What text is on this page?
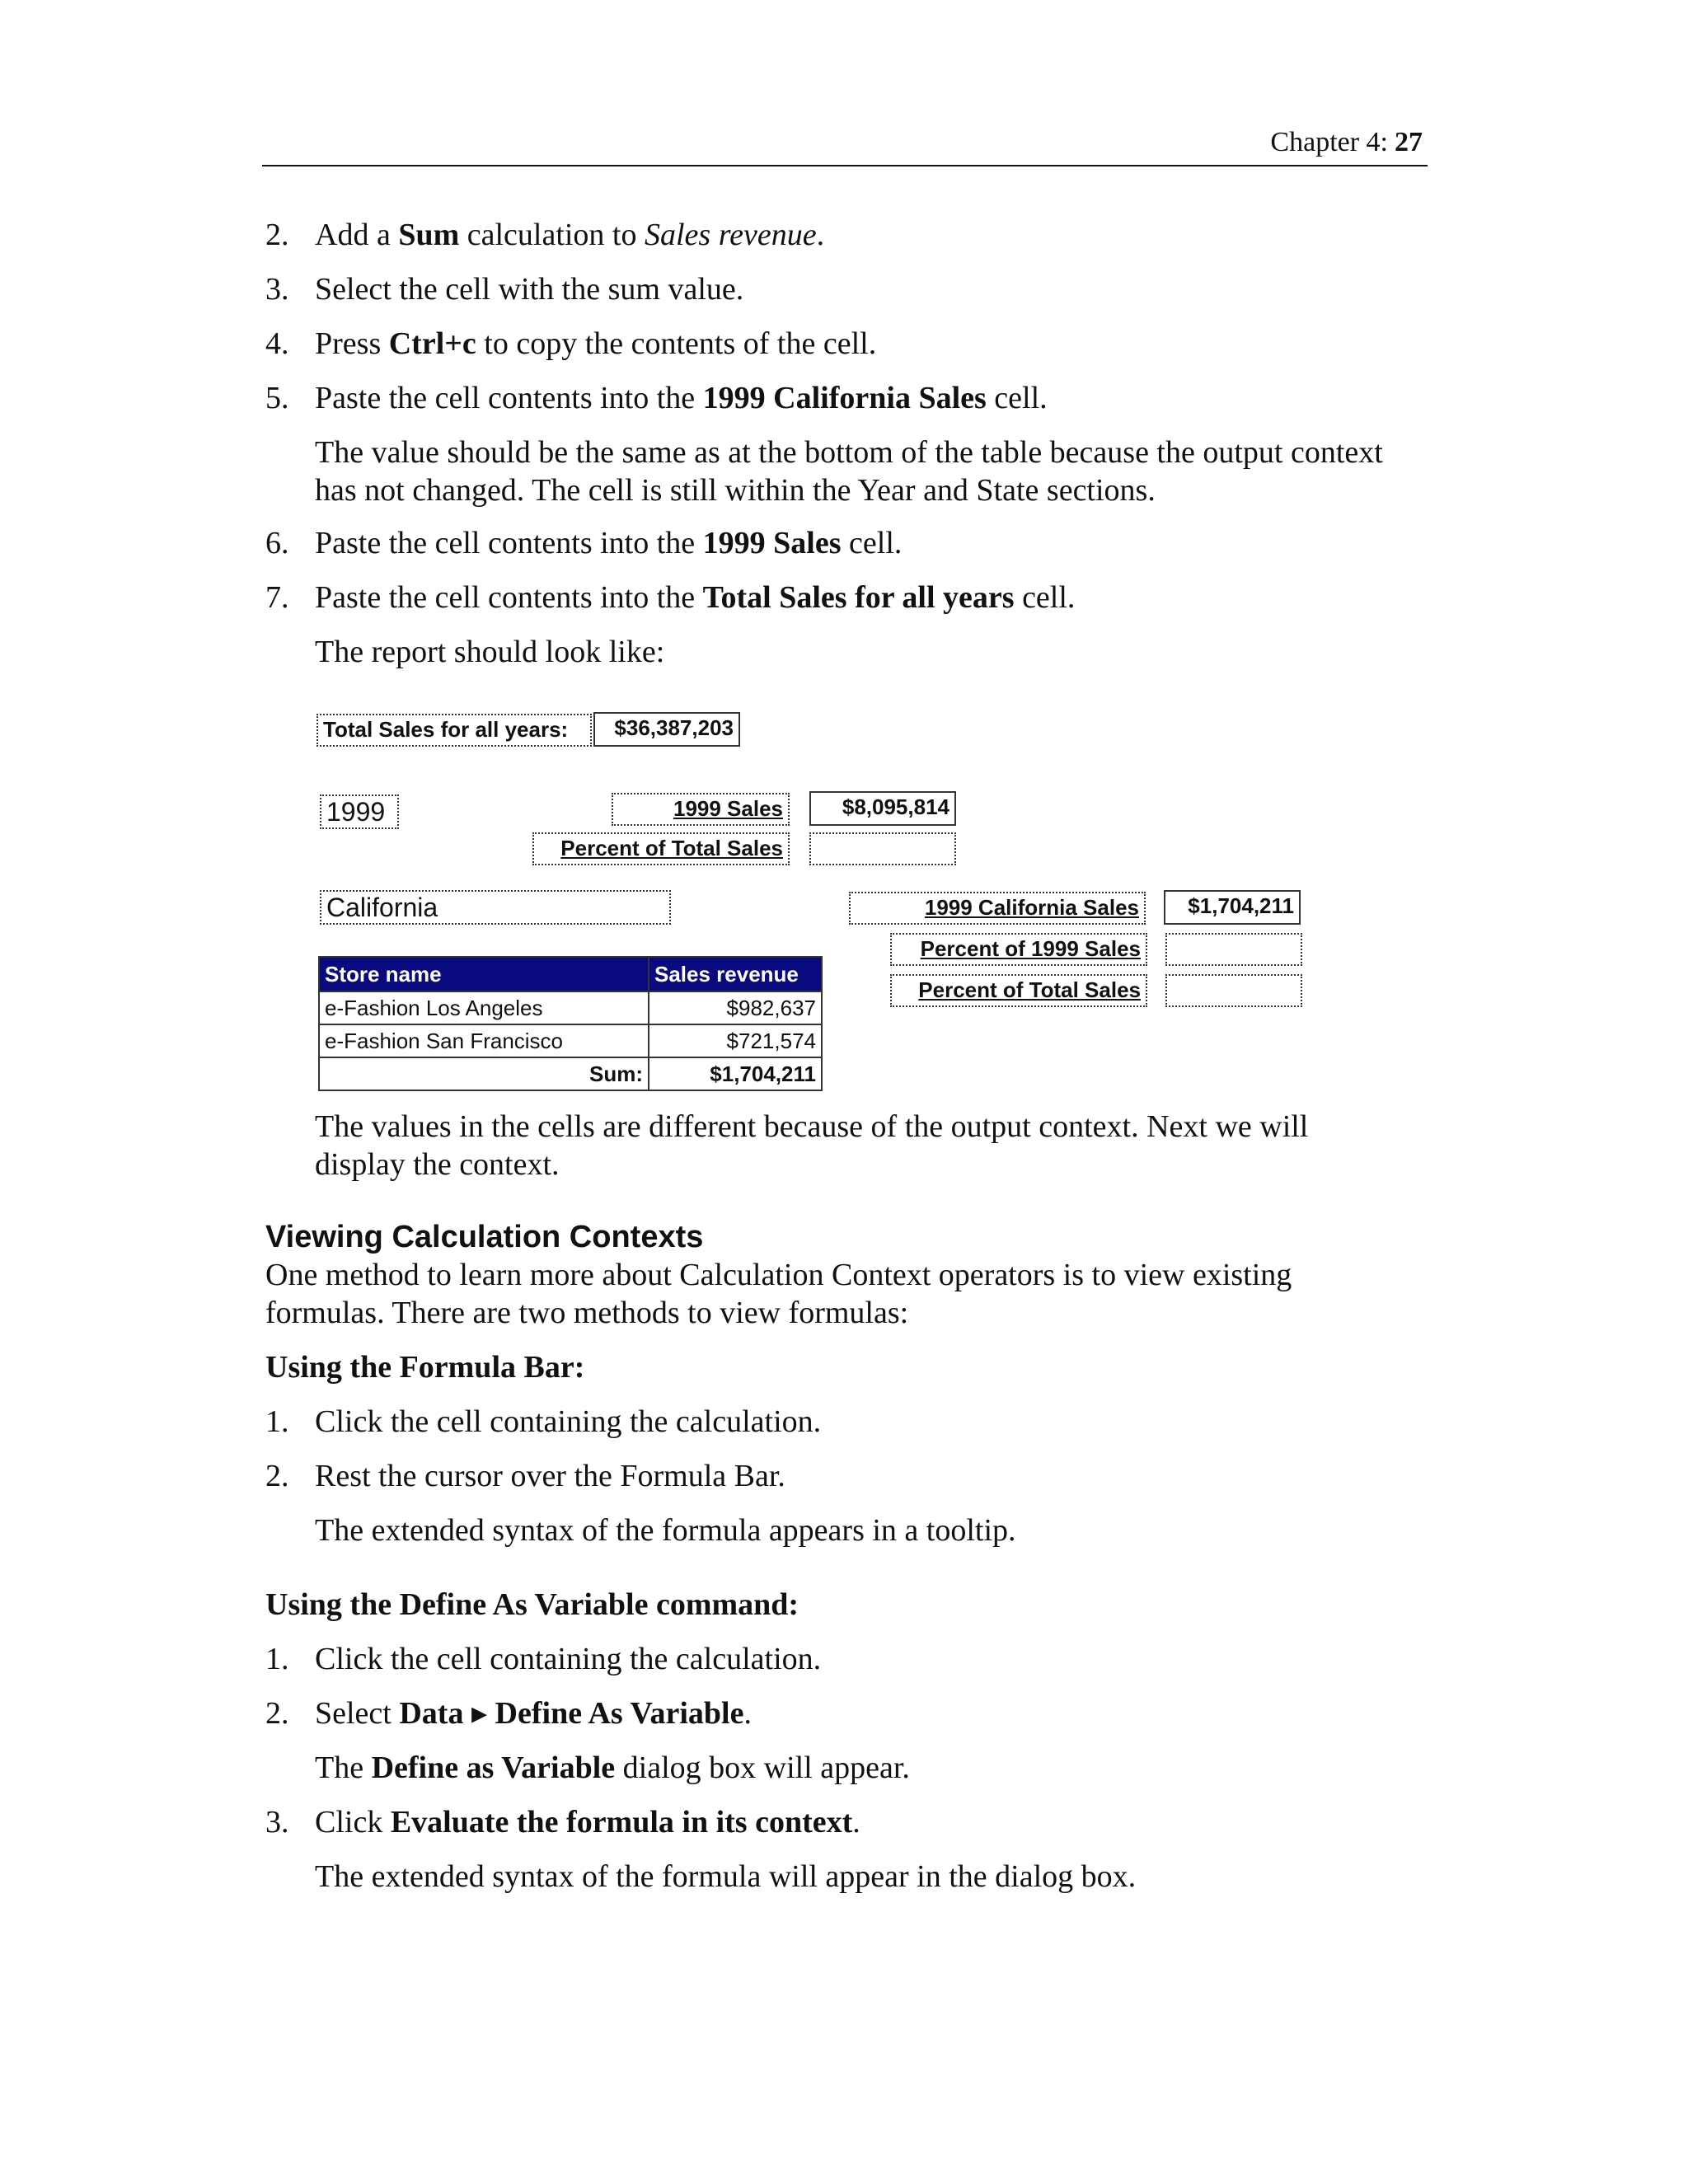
Chapter 4: 27
2. Add a Sum calculation to Sales revenue.
3. Select the cell with the sum value.
4. Press Ctrl+c to copy the contents of the cell.
5. Paste the cell contents into the 1999 California Sales cell.
The value should be the same as at the bottom of the table because the output context has not changed. The cell is still within the Year and State sections.
6. Paste the cell contents into the 1999 Sales cell.
7. Paste the cell contents into the Total Sales for all years cell.
The report should look like:
Total Sales for all years:	$36,387,203
1999	1999 Sales	$8,095,814
Percent of Total Sales
California	1999 California Sales	$1,704,211
Percent of 1999 Sales
Percent of Total Sales
Store name	Sales revenue
e-Fashion Los Angeles	$982,637
e-Fashion San Francisco	$721,574
Sum:	$1,704,211
The values in the cells are different because of the output context. Next we will display the context.
Viewing Calculation Contexts
One method to learn more about Calculation Context operators is to view existing formulas. There are two methods to view formulas:
Using the Formula Bar:
1. Click the cell containing the calculation.
2. Rest the cursor over the Formula Bar.
The extended syntax of the formula appears in a tooltip.
Using the Define As Variable command:
1. Click the cell containing the calculation.
2. Select Data ▸ Define As Variable.
The Define as Variable dialog box will appear.
3. Click Evaluate the formula in its context.
The extended syntax of the formula will appear in the dialog box.
